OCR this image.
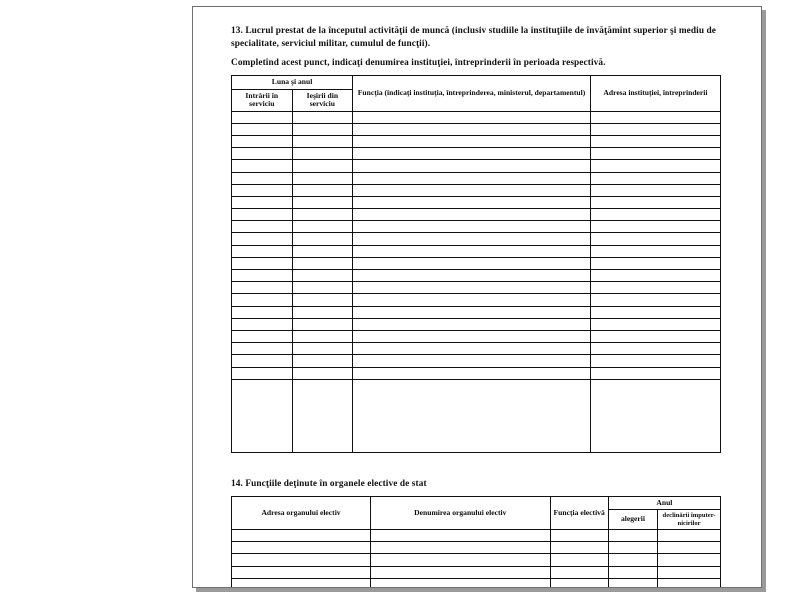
13. Lucrul prestat de la începutul activităţii de muncă (inclusiv studiile la instituţiile de învăţămînt superior şi mediu de specialitate, serviciul militar, cumulul de funcţii).

Completînd acest punct, indicaţi denumirea instituţiei, întreprinderii în perioada respectivă.

Luna şi anul		Funcţia (indicaţi instituţia, întreprinderea, ministerul, departamentul)	Adresa instituţiei, întreprinderii
Intrării în serviciu	Ieşirii din serviciu		

14. Funcţiile deţinute în organele elective de stat

Adresa organului electiv	Denumirea organului electiv	Funcţia electivă	Anul	
			alegerii	declinării împuter- nicirilor
